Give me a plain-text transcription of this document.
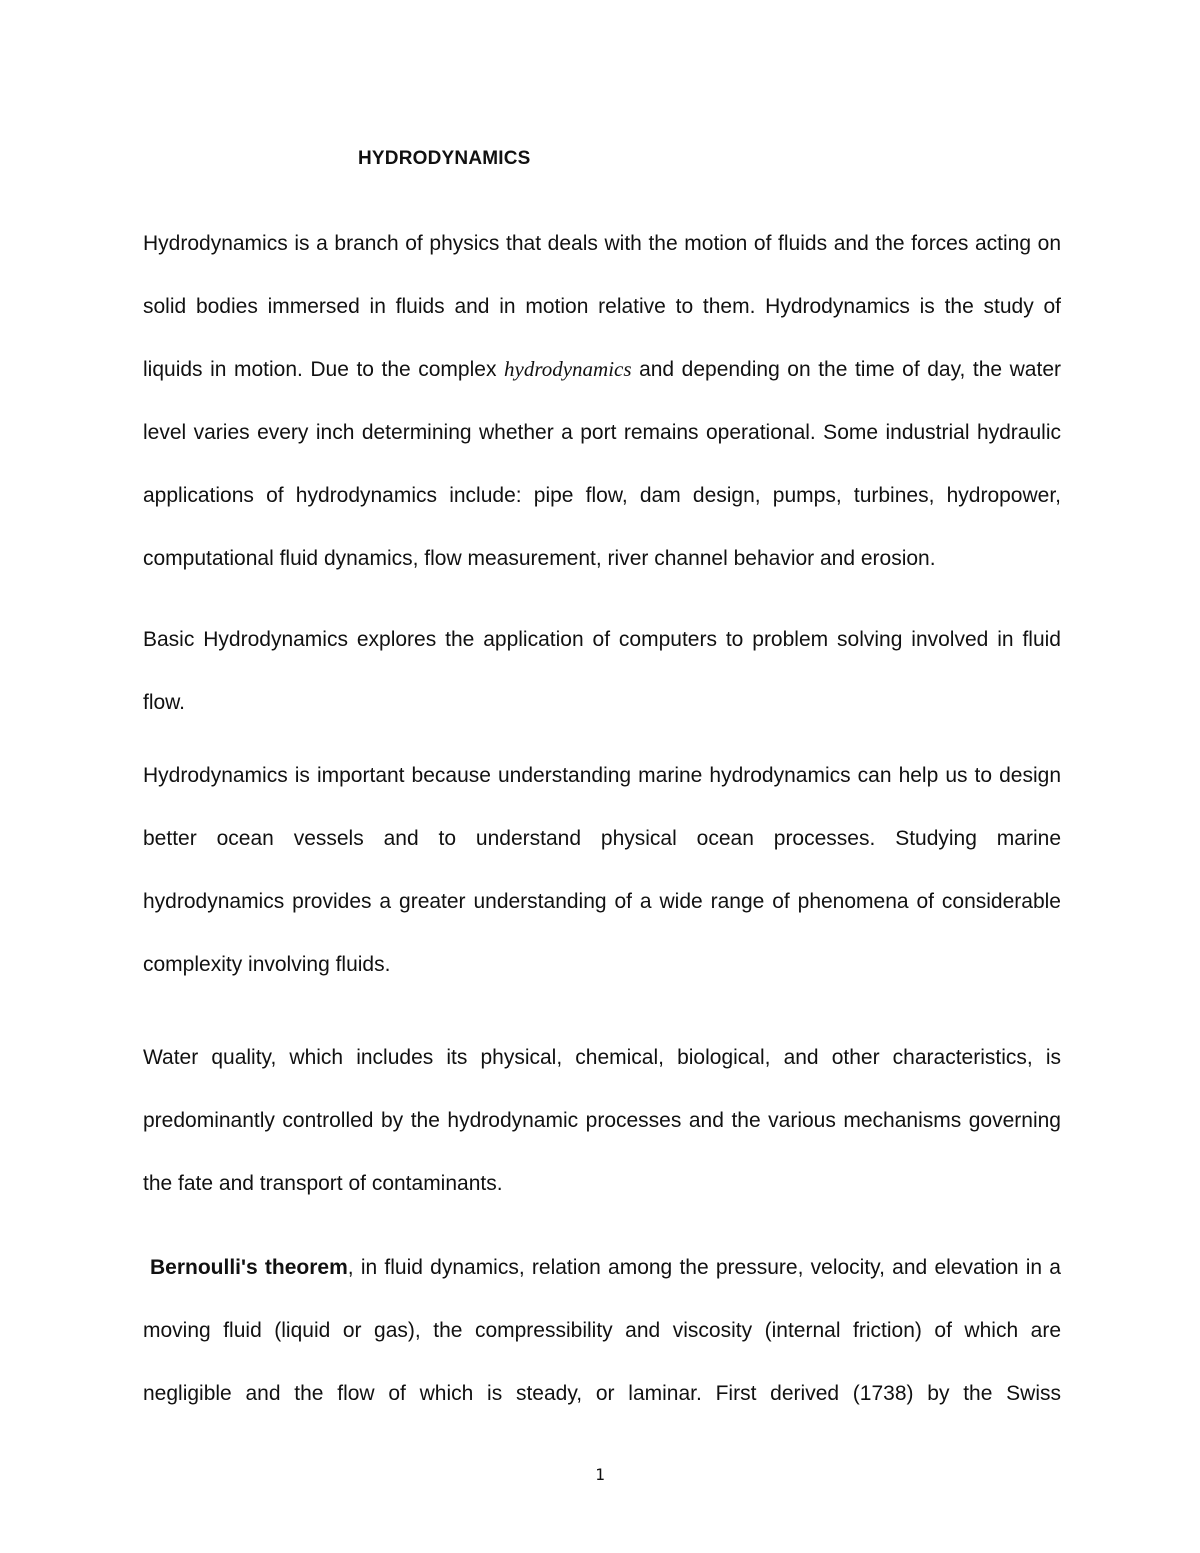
HYDRODYNAMICS

Hydrodynamics is a branch of physics that deals with the motion of fluids and the forces acting on solid bodies immersed in fluids and in motion relative to them. Hydrodynamics is the study of liquids in motion. Due to the complex hydrodynamics and depending on the time of day, the water level varies every inch determining whether a port remains operational. Some industrial hydraulic applications of hydrodynamics include: pipe flow, dam design, pumps, turbines, hydropower, computational fluid dynamics, flow measurement, river channel behavior and erosion.

Basic Hydrodynamics explores the application of computers to problem solving involved in fluid flow.

Hydrodynamics is important because understanding marine hydrodynamics can help us to design better ocean vessels and to understand physical ocean processes. Studying marine hydrodynamics provides a greater understanding of a wide range of phenomena of considerable complexity involving fluids.

Water quality, which includes its physical, chemical, biological, and other characteristics, is predominantly controlled by the hydrodynamic processes and the various mechanisms governing the fate and transport of contaminants.

Bernoulli's theorem, in fluid dynamics, relation among the pressure, velocity, and elevation in a moving fluid (liquid or gas), the compressibility and viscosity (internal friction) of which are negligible and the flow of which is steady, or laminar. First derived (1738) by the Swiss

1
